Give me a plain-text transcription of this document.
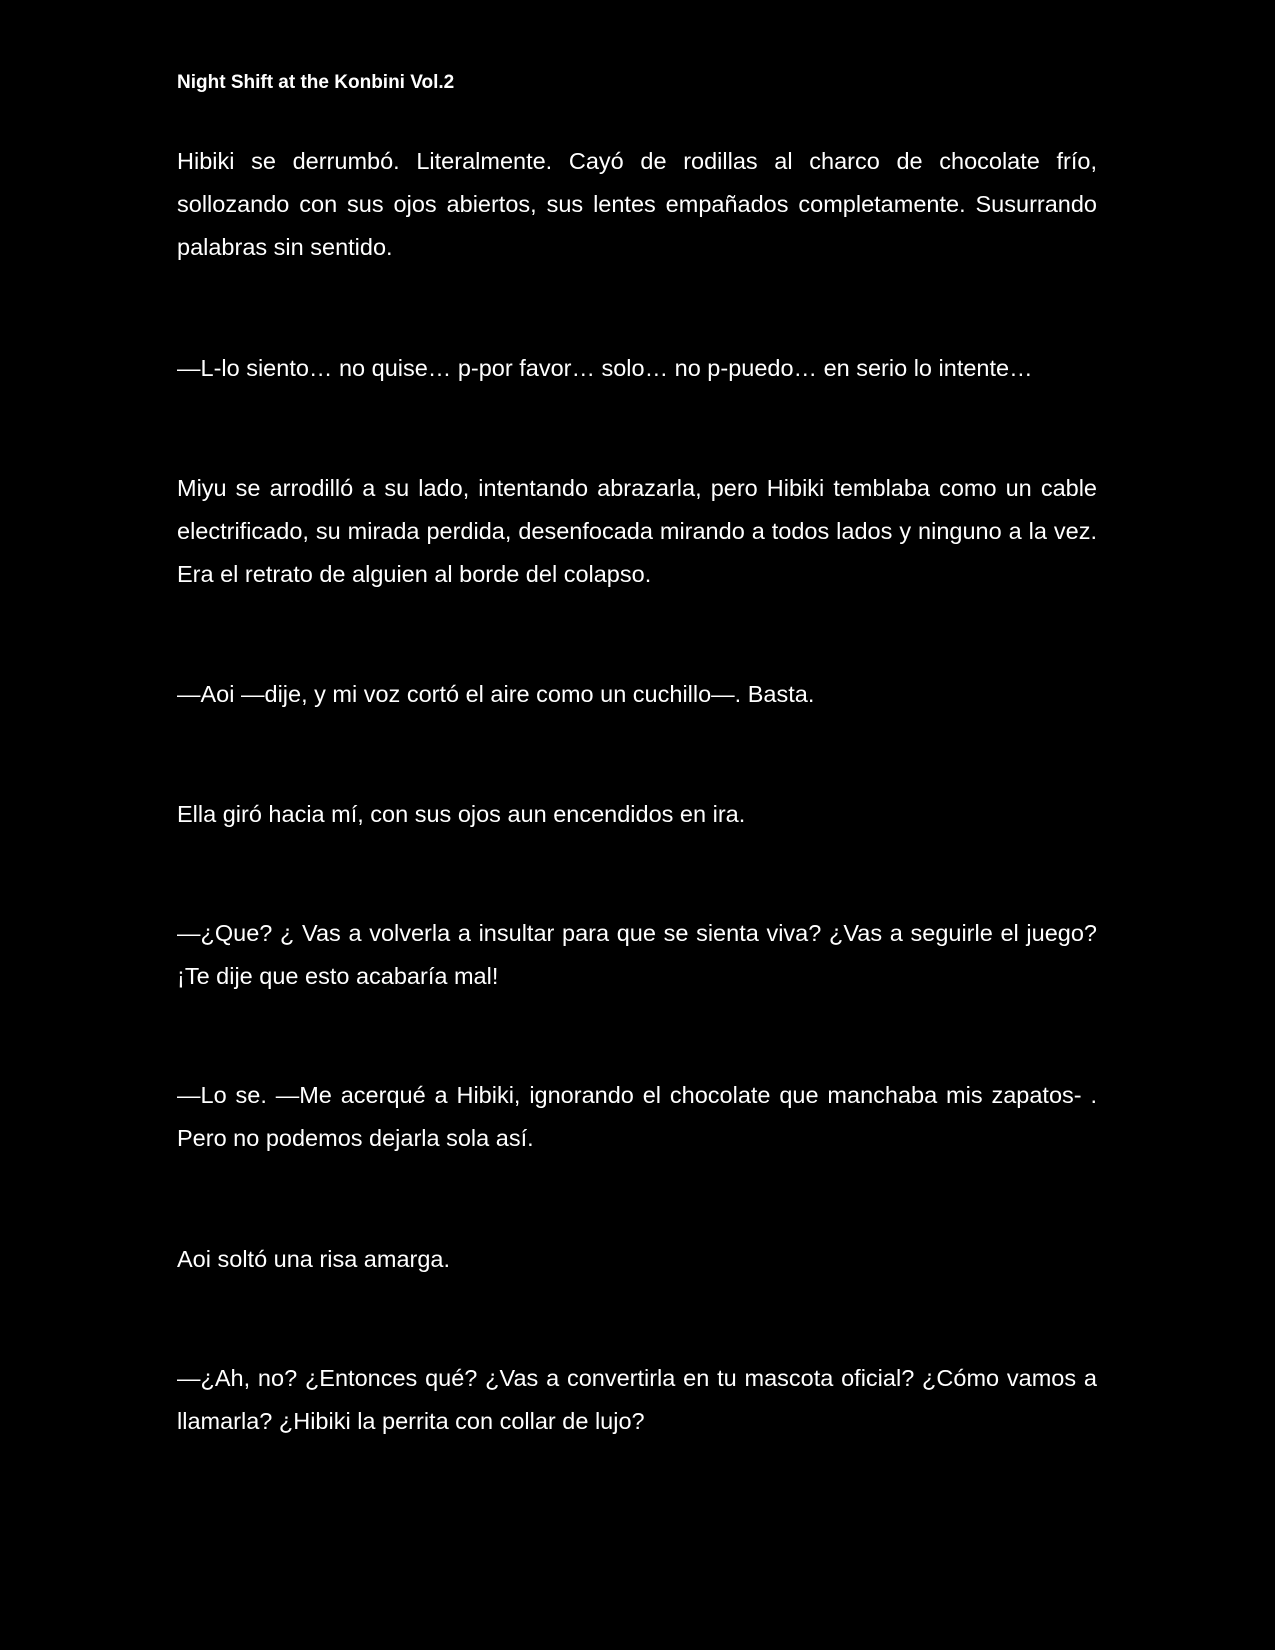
Night Shift at the Konbini Vol.2

Hibiki se derrumbó. Literalmente. Cayó de rodillas al charco de chocolate frío, sollozando con sus ojos abiertos, sus lentes empañados completamente. Susurrando palabras sin sentido.

—L-lo siento… no quise… p-por favor… solo… no p-puedo… en serio lo intente…

Miyu se arrodilló a su lado, intentando abrazarla, pero Hibiki temblaba como un cable electrificado, su mirada perdida, desenfocada mirando a todos lados y ninguno a la vez. Era el retrato de alguien al borde del colapso.

—Aoi —dije, y mi voz cortó el aire como un cuchillo—. Basta.

Ella giró hacia mí, con sus ojos aun encendidos en ira.

—¿Que? ¿ Vas a volverla a insultar para que se sienta viva? ¿Vas a seguirle el juego? ¡Te dije que esto acabaría mal!

—Lo se. —Me acerqué a Hibiki, ignorando el chocolate que manchaba mis zapatos- . Pero no podemos dejarla sola así.

Aoi soltó una risa amarga.

—¿Ah, no? ¿Entonces qué? ¿Vas a convertirla en tu mascota oficial? ¿Cómo vamos a llamarla? ¿Hibiki la perrita con collar de lujo?
